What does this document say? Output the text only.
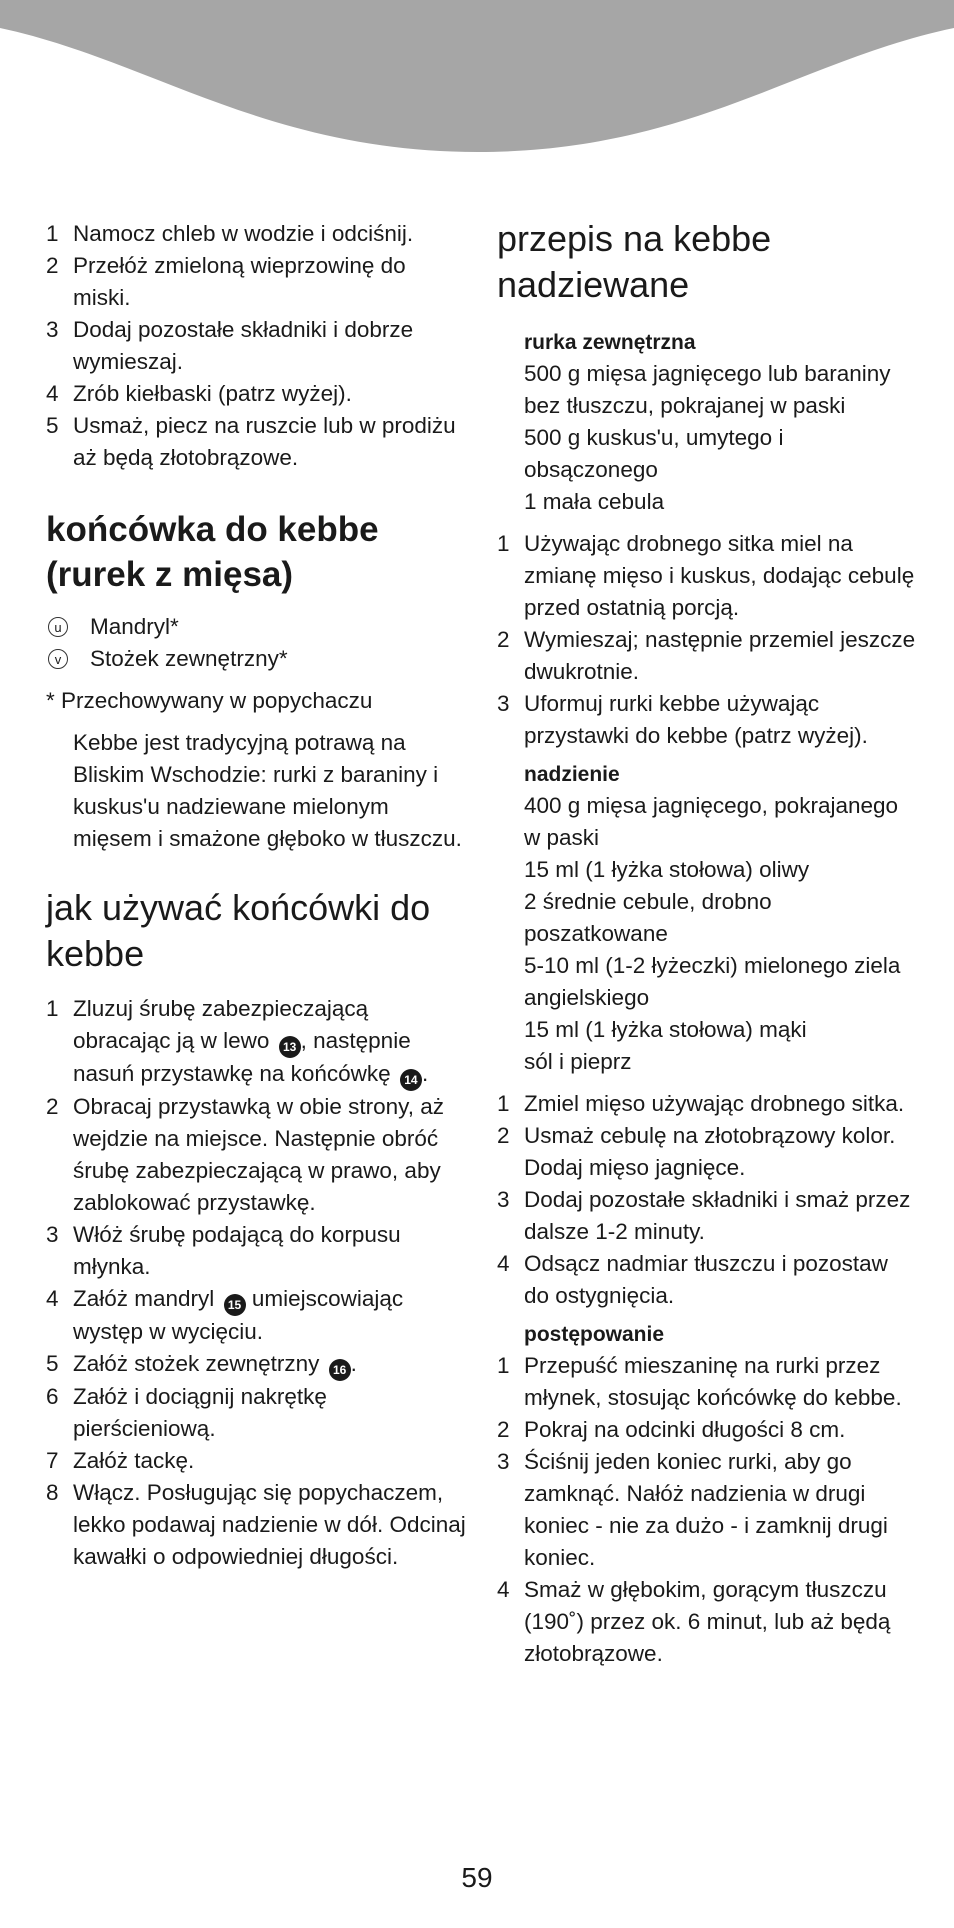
1 Namocz chleb w wodzie i odciśnij.
2 Przełóż zmieloną wieprzowinę do miski.
3 Dodaj pozostałe składniki i dobrze wymieszaj.
4 Zrób kiełbaski (patrz wyżej).
5 Usmaż, piecz na ruszcie lub w prodiżu aż będą złotobrązowe.
końcówka do kebbe (rurek z mięsa)
u Mandryl*
v	Stożek zewnętrzny*
* Przechowywany w popychaczu
Kebbe jest tradycyjną potrawą na Bliskim Wschodzie: rurki z baraniny i kuskus'u nadziewane mielonym mięsem i smażone głęboko w tłuszczu.
jak używać końcówki do kebbe
1 Zluzuj śrubę zabezpieczającą obracając ją w lewo 13 , następnie nasuń przystawkę na końcówkę 14 .
2 Obracaj przystawką w obie strony, aż wejdzie na miejsce. Następnie obróć śrubę zabezpieczającą w prawo, aby zablokować przystawkę.
3 Włóż śrubę podającą do korpusu młynka.
4 Załóż mandryl 15 umiejscowiając występ w wycięciu.
5 Załóż stożek zewnętrzny 16 .
6 Załóż i dociągnij nakrętkę pierścieniową.
7 Załóż tackę.
8 Włącz. Posługując się popychaczem, lekko podawaj nadzienie w dół. Odcinaj kawałki o odpowiedniej długości.
przepis na kebbe nadziewane
rurka zewnętrzna
500 g mięsa jagnięcego lub baraniny bez tłuszczu, pokrajanej w paski
500 g kuskus'u, umytego i obsączonego
1 mała cebula
1 Używając drobnego sitka miel na zmianę mięso i kuskus, dodając cebulę przed ostatnią porcją.
2 Wymieszaj; następnie przemiel jeszcze dwukrotnie.
3 Uformuj rurki kebbe używając przystawki do kebbe (patrz wyżej).
nadzienie
400 g mięsa jagnięcego, pokrajanego w paski
15 ml (1 łyżka stołowa) oliwy
2 średnie cebule, drobno poszatkowane
5-10 ml (1-2 łyżeczki) mielonego ziela angielskiego
15 ml (1 łyżka stołowa) mąki
sól i pieprz
1 Zmiel mięso używając drobnego sitka.
2 Usmaż cebulę na złotobrązowy kolor. Dodaj mięso jagnięce.
3 Dodaj pozostałe składniki i smaż przez dalsze 1-2 minuty.
4 Odsącz nadmiar tłuszczu i pozostaw do ostygnięcia.
postępowanie
1 Przepuść mieszaninę na rurki przez młynek, stosując końcówkę do kebbe.
2 Pokraj na odcinki długości 8 cm.
3 Ściśnij jeden koniec rurki, aby go zamknąć. Nałóż nadzienia w drugi koniec - nie za dużo - i zamknij drugi koniec.
4 Smaż w głębokim, gorącym tłuszczu (190˚) przez ok. 6 minut, lub aż będą złotobrązowe.
59
